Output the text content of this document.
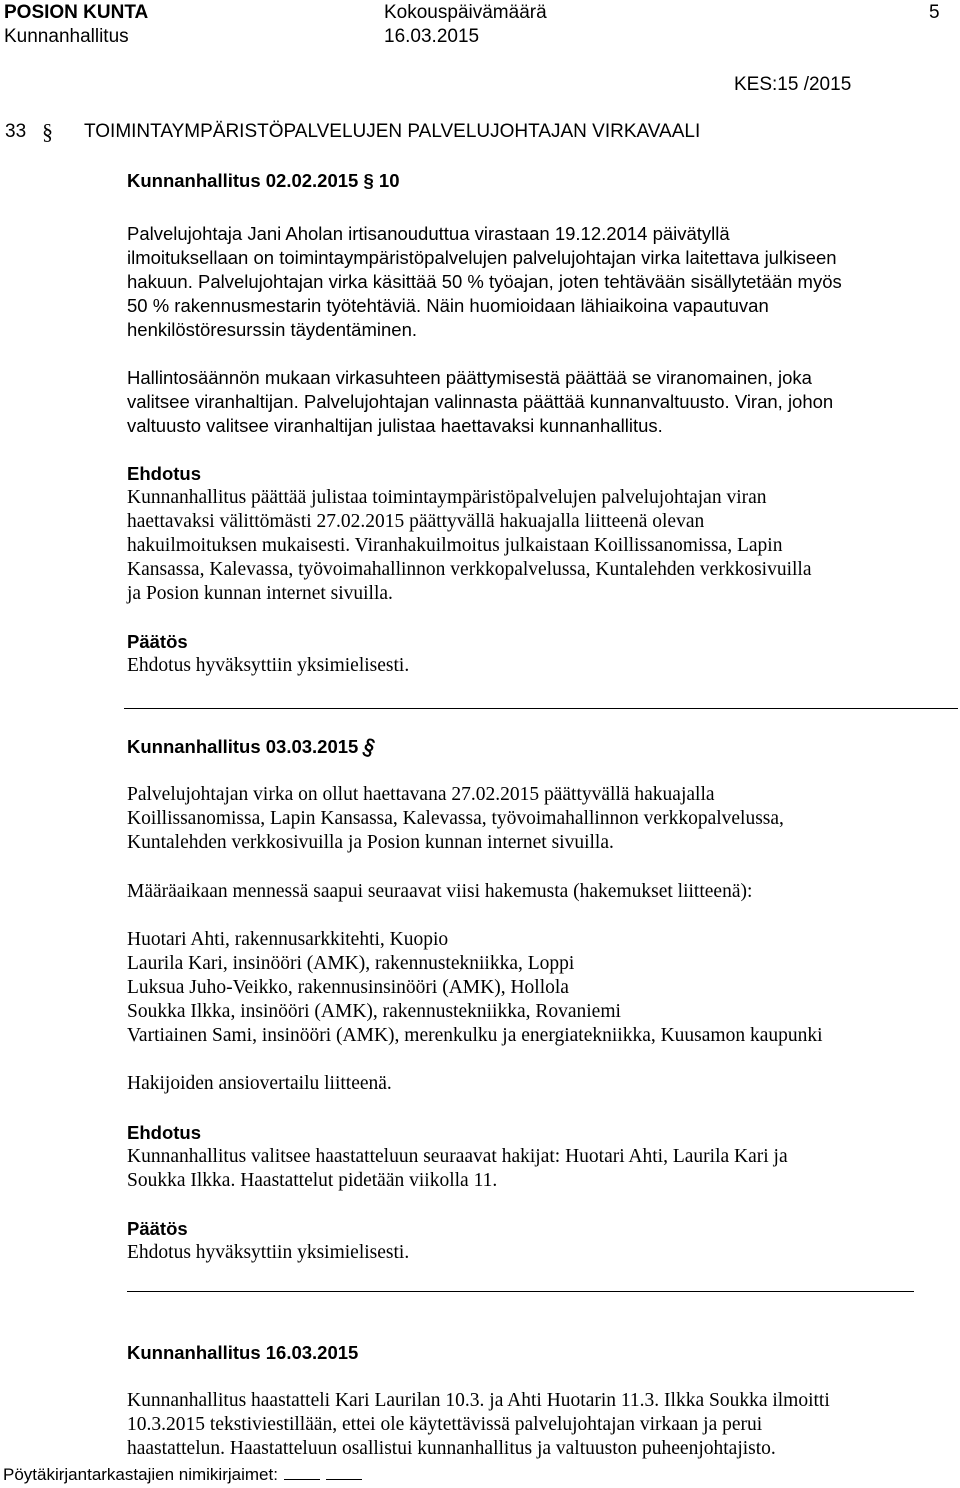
POSION KUNTA	Kokouspäivämäärä	5
Kunnanhallitus	16.03.2015
KES:15 /2015
33 § TOIMINTAYMPÄRISTÖPALVELUJEN PALVELUJOHTAJAN VIRKAVAALI
Kunnanhallitus 02.02.2015 § 10
Palvelujohtaja Jani Aholan irtisanouduttua virastaan 19.12.2014 päivätyllä
ilmoituksellaan on toimintaympäristöpalvelujen palvelujohtajan virka laitettava julkiseen
hakuun. Palvelujohtajan virka käsittää 50 % työajan, joten tehtävään sisällytetään myös
50 % rakennusmestarin työtehtäviä. Näin huomioidaan lähiaikoina vapautuvan
henkilöstöresurssin täydentäminen.
Hallintosäännön mukaan virkasuhteen päättymisestä päättää se viranomainen, joka
valitsee viranhaltijan. Palvelujohtajan valinnasta päättää kunnanvaltuusto. Viran, johon
valtuusto valitsee viranhaltijan julistaa haettavaksi kunnanhallitus.
Ehdotus
Kunnanhallitus päättää julistaa toimintaympäristöpalvelujen palvelujohtajan viran
haettavaksi välittömästi 27.02.2015 päättyvällä hakuajalla liitteenä olevan
hakuilmoituksen mukaisesti. Viranhakuilmoitus julkaistaan Koillissanomissa, Lapin
Kansassa, Kalevassa, työvoimahallinnon verkkopalvelussa, Kuntalehden verkkosivuilla
ja Posion kunnan internet sivuilla.
Päätös
Ehdotus hyväksyttiin yksimielisesti.
Kunnanhallitus 03.03.2015 §
Palvelujohtajan virka on ollut haettavana 27.02.2015 päättyvällä hakuajalla
Koillissanomissa, Lapin Kansassa, Kalevassa, työvoimahallinnon verkkopalvelussa,
Kuntalehden verkkosivuilla ja Posion kunnan internet sivuilla.
Määräaikaan mennessä saapui seuraavat viisi hakemusta (hakemukset liitteenä):
Huotari Ahti, rakennusarkkitehti, Kuopio
Laurila Kari, insinööri (AMK), rakennustekniikka, Loppi
Luksua Juho-Veikko, rakennusinsinööri (AMK), Hollola
Soukka Ilkka, insinööri (AMK), rakennustekniikka, Rovaniemi
Vartiainen Sami, insinööri (AMK), merenkulku ja energiatekniikka, Kuusamon kaupunki
Hakijoiden ansiovertailu liitteenä.
Ehdotus
Kunnanhallitus valitsee haastatteluun seuraavat hakijat: Huotari Ahti, Laurila Kari ja
Soukka Ilkka. Haastattelut pidetään viikolla 11.
Päätös
Ehdotus hyväksyttiin yksimielisesti.
Kunnanhallitus 16.03.2015
Kunnanhallitus haastatteli Kari Laurilan 10.3. ja Ahti Huotarin 11.3. Ilkka Soukka ilmoitti
10.3.2015 tekstiviestillään, ettei ole käytettävissä palvelujohtajan virkaan ja perui
haastattelun. Haastatteluun osallistui kunnanhallitus ja valtuuston puheenjohtajisto.
Pöytäkirjantarkastajien nimikirjaimet:
